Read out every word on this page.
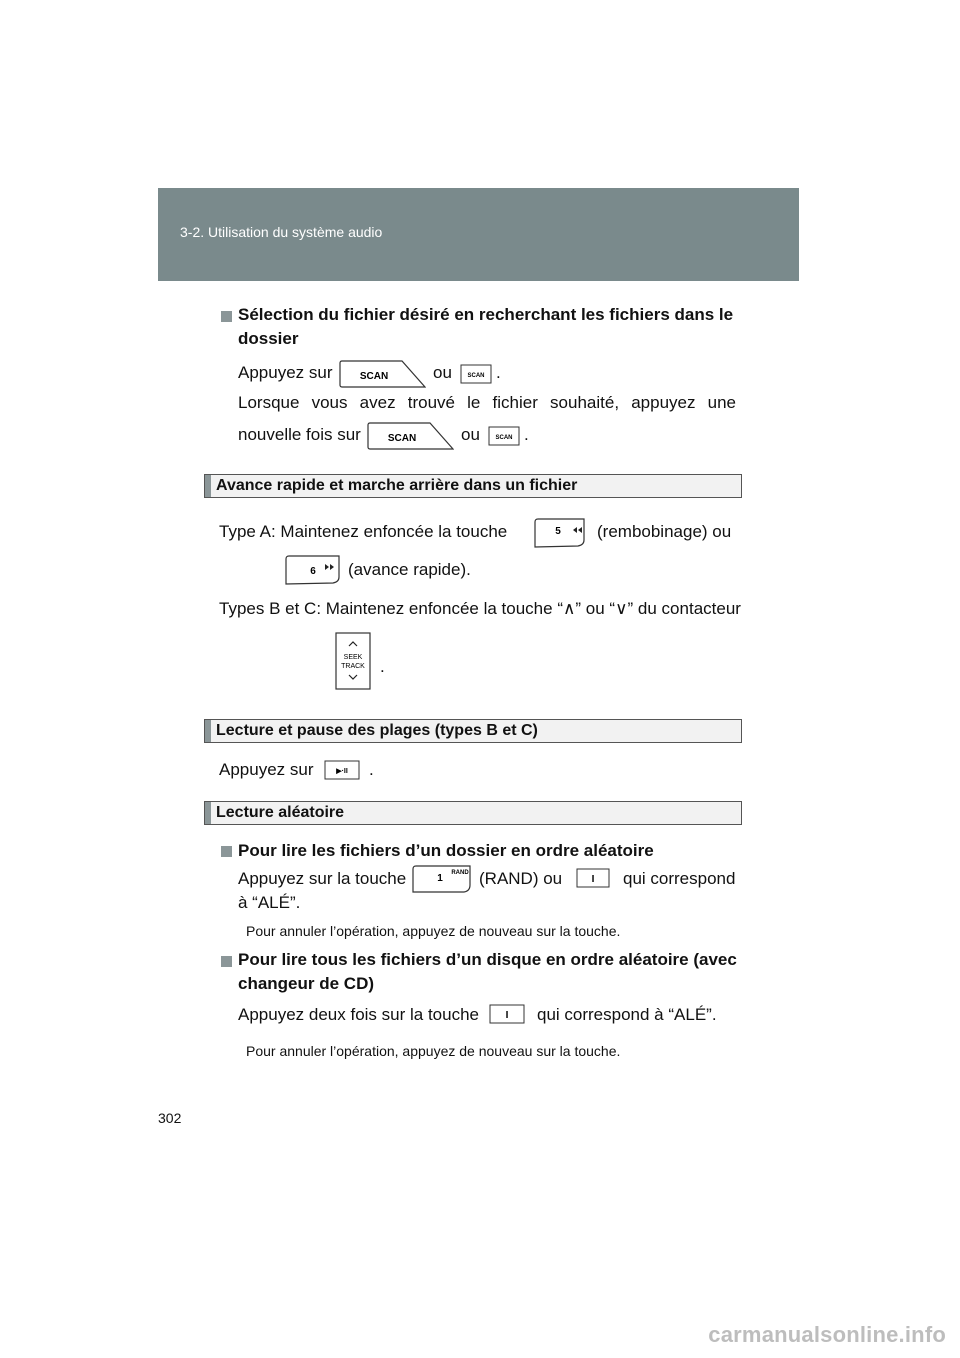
3-2. Utilisation du système audio
Sélection du fichier désiré en recherchant les fichiers dans le
dossier
Appuyez sur	SCAN	ou	SCAN .
Lorsque vous avez trouvé le fichier souhaité, appuyez une
nouvelle fois sur	SCAN	ou	SCAN .
Avance rapide et marche arrière dans un fichier
Type A: Maintenez enfoncée la touche	5 (rembobinage) ou
6 (avance rapide).
Types B et C: Maintenez enfoncée la touche “∧” ou “∨” du contacteur
SEEK
TRACK .
Lecture et pause des plages (types B et C)
Appuyez sur	▶·II .
Lecture aléatoire
Pour lire les fichiers d’un dossier en ordre aléatoire
Appuyez sur la touche	1 RAND (RAND) ou	I qui correspond
à “ALÉ”.
Pour annuler l’opération, appuyez de nouveau sur la touche.
Pour lire tous les fichiers d’un disque en ordre aléatoire (avec
changeur de CD)
Appuyez deux fois sur la touche	I qui correspond à “ALÉ”.
Pour annuler l’opération, appuyez de nouveau sur la touche.
302
carmanualsonline.info
